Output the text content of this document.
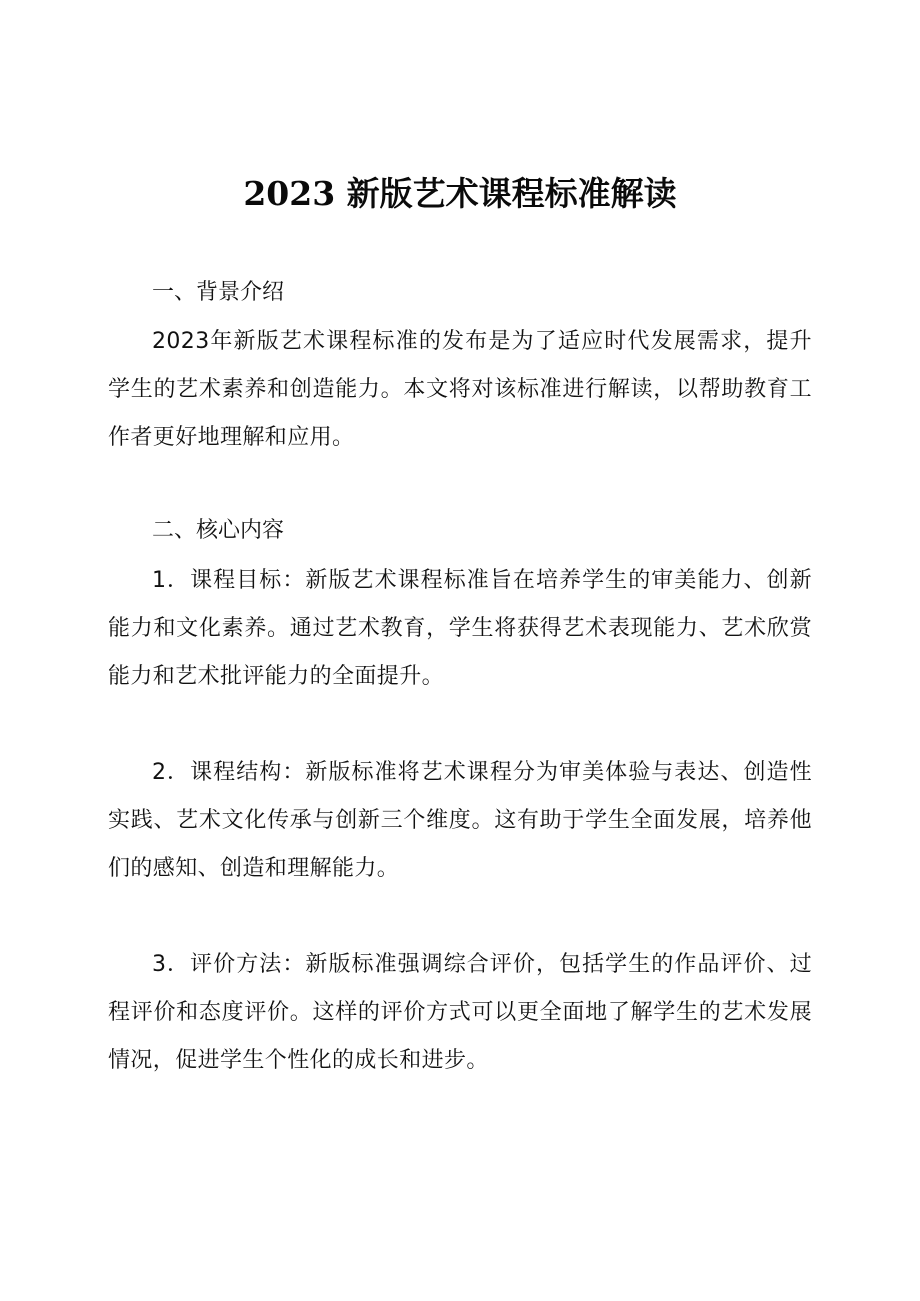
2023 新版艺术课程标准解读
一、背景介绍
2023年新版艺术课程标准的发布是为了适应时代发展需求，提升学生的艺术素养和创造能力。本文将对该标准进行解读，以帮助教育工作者更好地理解和应用。
二、核心内容
1．课程目标：新版艺术课程标准旨在培养学生的审美能力、创新能力和文化素养。通过艺术教育，学生将获得艺术表现能力、艺术欣赏能力和艺术批评能力的全面提升。
2．课程结构：新版标准将艺术课程分为审美体验与表达、创造性实践、艺术文化传承与创新三个维度。这有助于学生全面发展，培养他们的感知、创造和理解能力。
3．评价方法：新版标准强调综合评价，包括学生的作品评价、过程评价和态度评价。这样的评价方式可以更全面地了解学生的艺术发展情况，促进学生个性化的成长和进步。
